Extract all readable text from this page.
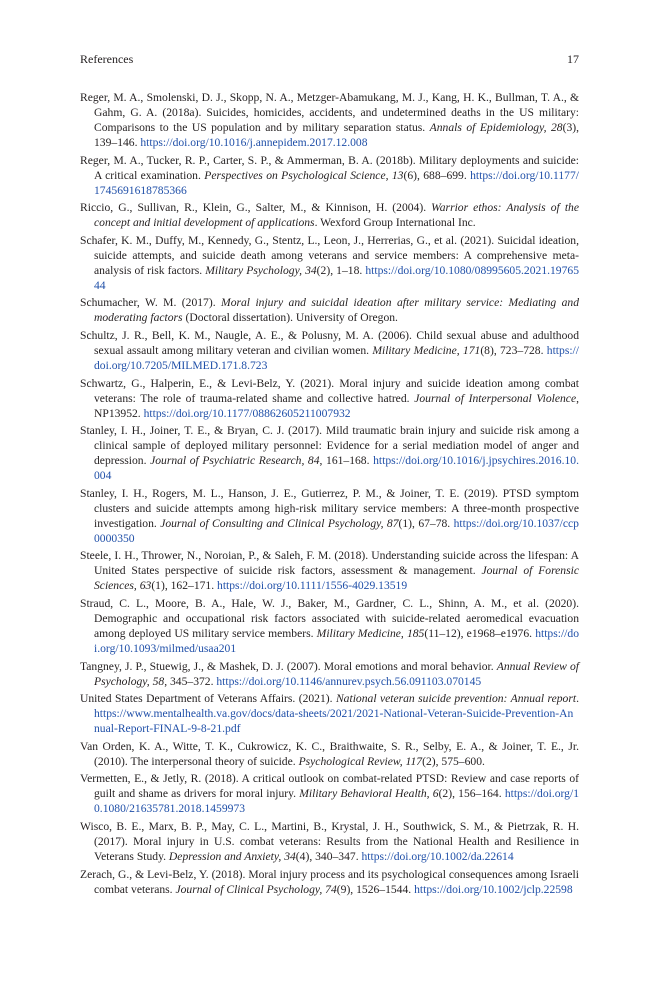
References	17

Reger, M. A., Smolenski, D. J., Skopp, N. A., Metzger-Abamukang, M. J., Kang, H. K., Bullman, T. A., & Gahm, G. A. (2018a). Suicides, homicides, accidents, and undetermined deaths in the US military: Comparisons to the US population and by military separation status. Annals of Epidemiology, 28(3), 139–146. https://doi.org/10.1016/j.annepidem.2017.12.008

Reger, M. A., Tucker, R. P., Carter, S. P., & Ammerman, B. A. (2018b). Military deployments and suicide: A critical examination. Perspectives on Psychological Science, 13(6), 688–699. https://doi.org/10.1177/1745691618785366

Riccio, G., Sullivan, R., Klein, G., Salter, M., & Kinnison, H. (2004). Warrior ethos: Analysis of the concept and initial development of applications. Wexford Group International Inc.

Schafer, K. M., Duffy, M., Kennedy, G., Stentz, L., Leon, J., Herrerias, G., et al. (2021). Suicidal ideation, suicide attempts, and suicide death among veterans and service members: A comprehensive meta-analysis of risk factors. Military Psychology, 34(2), 1–18. https://doi.org/10.1080/08995605.2021.1976544

Schumacher, W. M. (2017). Moral injury and suicidal ideation after military service: Mediating and moderating factors (Doctoral dissertation). University of Oregon.

Schultz, J. R., Bell, K. M., Naugle, A. E., & Polusny, M. A. (2006). Child sexual abuse and adulthood sexual assault among military veteran and civilian women. Military Medicine, 171(8), 723–728. https://doi.org/10.7205/MILMED.171.8.723

Schwartz, G., Halperin, E., & Levi-Belz, Y. (2021). Moral injury and suicide ideation among combat veterans: The role of trauma-related shame and collective hatred. Journal of Interpersonal Violence, NP13952. https://doi.org/10.1177/08862605211007932

Stanley, I. H., Joiner, T. E., & Bryan, C. J. (2017). Mild traumatic brain injury and suicide risk among a clinical sample of deployed military personnel: Evidence for a serial mediation model of anger and depression. Journal of Psychiatric Research, 84, 161–168. https://doi.org/10.1016/j.jpsychires.2016.10.004

Stanley, I. H., Rogers, M. L., Hanson, J. E., Gutierrez, P. M., & Joiner, T. E. (2019). PTSD symptom clusters and suicide attempts among high-risk military service members: A three-month prospective investigation. Journal of Consulting and Clinical Psychology, 87(1), 67–78. https://doi.org/10.1037/ccp0000350

Steele, I. H., Thrower, N., Noroian, P., & Saleh, F. M. (2018). Understanding suicide across the lifespan: A United States perspective of suicide risk factors, assessment & management. Journal of Forensic Sciences, 63(1), 162–171. https://doi.org/10.1111/1556-4029.13519

Straud, C. L., Moore, B. A., Hale, W. J., Baker, M., Gardner, C. L., Shinn, A. M., et al. (2020). Demographic and occupational risk factors associated with suicide-related aeromedical evacuation among deployed US military service members. Military Medicine, 185(11–12), e1968–e1976. https://doi.org/10.1093/milmed/usaa201

Tangney, J. P., Stuewig, J., & Mashek, D. J. (2007). Moral emotions and moral behavior. Annual Review of Psychology, 58, 345–372. https://doi.org/10.1146/annurev.psych.56.091103.070145

United States Department of Veterans Affairs. (2021). National veteran suicide prevention: Annual report. https://www.mentalhealth.va.gov/docs/data-sheets/2021/2021-National-Veteran-Suicide-Prevention-Annual-Report-FINAL-9-8-21.pdf

Van Orden, K. A., Witte, T. K., Cukrowicz, K. C., Braithwaite, S. R., Selby, E. A., & Joiner, T. E., Jr. (2010). The interpersonal theory of suicide. Psychological Review, 117(2), 575–600.

Vermetten, E., & Jetly, R. (2018). A critical outlook on combat-related PTSD: Review and case reports of guilt and shame as drivers for moral injury. Military Behavioral Health, 6(2), 156–164. https://doi.org/10.1080/21635781.2018.1459973

Wisco, B. E., Marx, B. P., May, C. L., Martini, B., Krystal, J. H., Southwick, S. M., & Pietrzak, R. H. (2017). Moral injury in U.S. combat veterans: Results from the National Health and Resilience in Veterans Study. Depression and Anxiety, 34(4), 340–347. https://doi.org/10.1002/da.22614

Zerach, G., & Levi-Belz, Y. (2018). Moral injury process and its psychological consequences among Israeli combat veterans. Journal of Clinical Psychology, 74(9), 1526–1544. https://doi.org/10.1002/jclp.22598
